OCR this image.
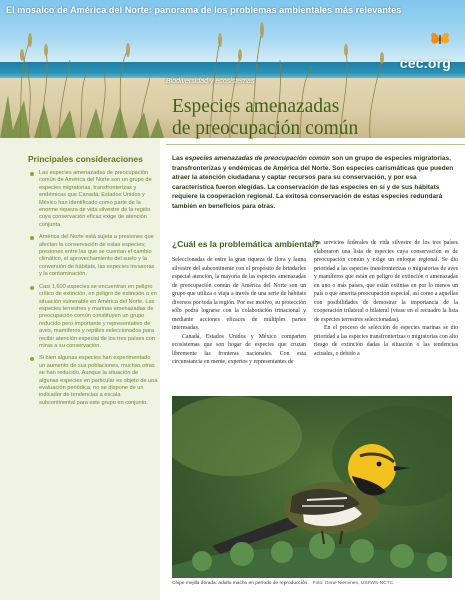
El mosaico de América del Norte: panorama de los problemas ambientales más relevantes
cec.org
Biodiversidad y ecosistemas
Principales consideraciones
Las especies amenazadas de preocupación común de América del Norte son un grupo de especies migratorias, transfronterizas y endémicas que Canadá, Estados Unidos y México han identificado como parte de la enorme riqueza de vida silvestre de la región cuya conservación eficaz exige de atención conjunta.
América del Norte está sujeta a presiones que afectan la conservación de estas especies; presiones entre las que se cuentan el cambio climático, el aprovechamiento del suelo y la conversión de hábitats, las especies invasoras y la contaminación.
Casi 1,600 especies se encuentran en peligro crítico de extinción, en peligro de extinción o en situación vulnerable en América del Norte. Las especies terrestres y marinas amenazadas de preocupación común constituyen un grupo reducido pero importante y representativo de aves, mamíferos y reptiles seleccionados para recibir atención especial de los tres países con miras a su conservación.
Si bien algunas especies han experimentado un aumento de sus poblaciones, muchas otras se han reducido. Aunque la situación de algunas especies en particular es objeto de una evaluación periódica, no se dispone de un indicador de tendencias a escala subcontinental para este grupo en conjunto.
Especies amenazadas
de preocupación común

Las especies amenazadas de preocupación común son un grupo de especies migratorias, transfronterizas y endémicas de América del Norte. Son especies carismáticas que pueden atraer la atención ciudadana y captar recursos para su conservación, y por esa característica fueron elegidas. La conservación de las especies en sí y de sus hábitats requiere la cooperación regional. La exitosa conservación de estas especies redundará también en beneficios para otras.

¿Cuál es la problemática ambiental?

Seleccionadas de entre la gran riqueza de flora y fauna silvestre del subcontinente con el propósito de brindarles especial atención, la mayoría de las especies amenazadas de preocupación común de América del Norte son un grupo que utiliza o viaja a través de una serie de hábitats diversos por toda la región. Por ese motivo, su protección sólo podrá lograrse con la colaboración trinacional y mediante acciones eficaces de múltiples partes interesadas.

Canadá, Estados Unidos y México comparten ecosistemas que son hogar de especies que cruzan libremente las fronteras nacionales. Con esta circunstancia en mente, expertos y representantes de

los servicios federales de vida silvestre de los tres países elaboraron una lista de especies cuya conservación es de preocupación común y exige un enfoque regional. Se dio prioridad a las especies transfronterizas o migratorias de aves y mamíferos que están en peligro de extinción o amenazadas en uno o más países, que están extintas en por lo menos un país o que amerita preocupación especial, así como a aquellas con posibilidades de demostrar la importancia de la cooperación trilateral o bilateral (véase en el recuadro la lista de especies terrestres seleccionadas).

En el proceso de selección de especies marinas se dio prioridad a las especies transfronterizas o migratorias con alto riesgo de extinción dadas la situación o las tendencias actuales, o debido a

Chipe mejilla dorada: adulto macho en período de reproducción. Foto: Gene Nieminen, USFWS-NCTC.
